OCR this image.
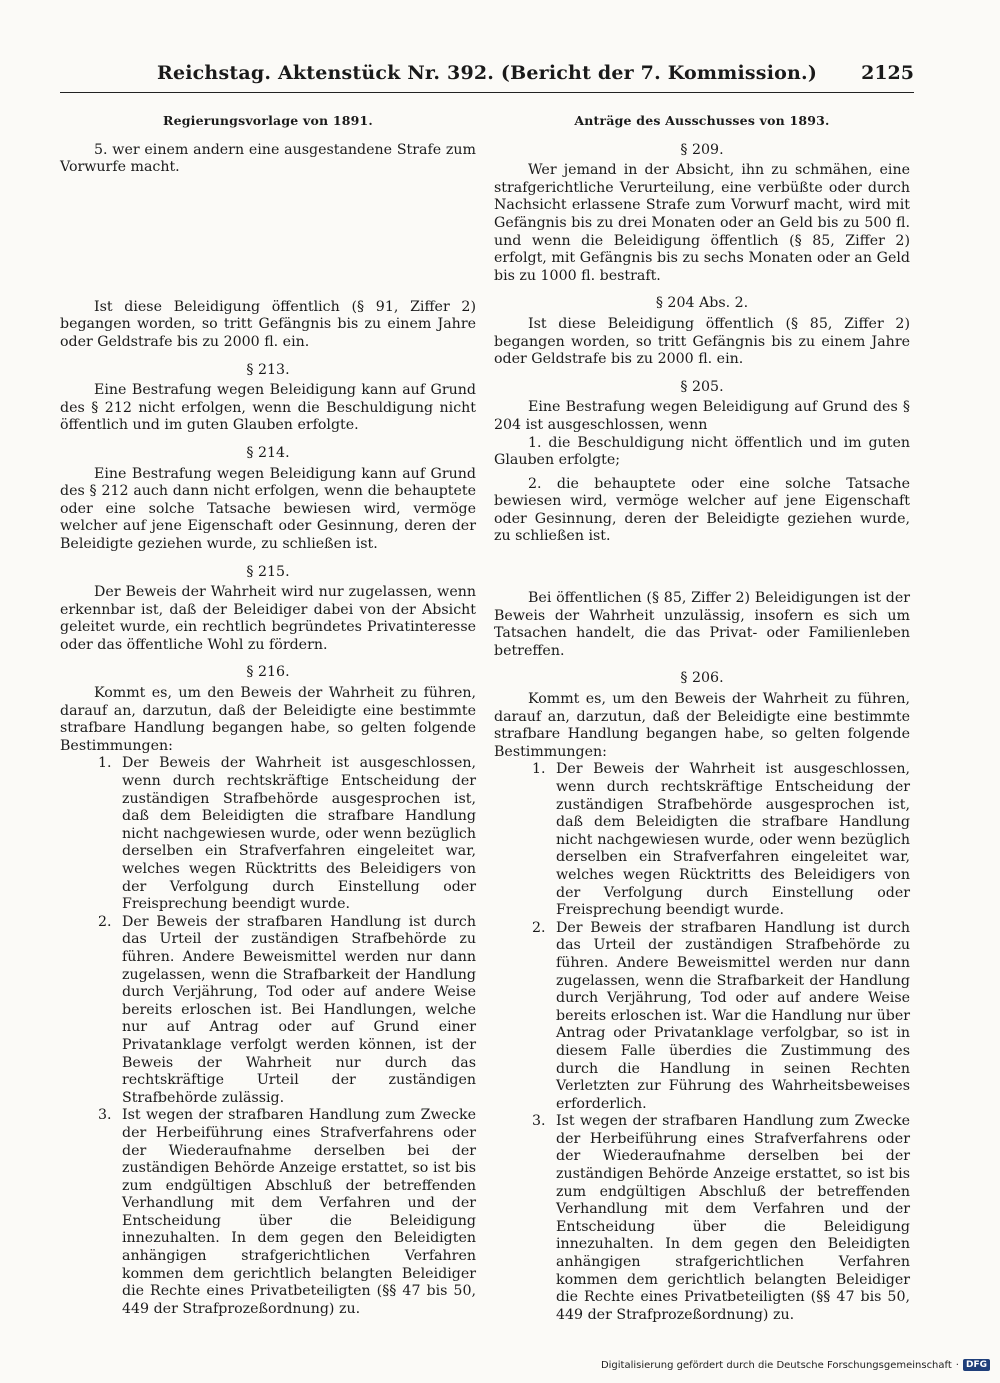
Reichstag. Aktenstück Nr. 392. (Bericht der 7. Kommission.)	2125
Regierungsvorlage von 1891.

5. wer einem andern eine ausgestandene Strafe zum Vorwurfe macht.

Ist diese Beleidigung öffentlich (§ 91, Ziffer 2) begangen worden, so tritt Gefängnis bis zu einem Jahre oder Geldstrafe bis zu 2000 fl. ein.

§ 213.

Eine Bestrafung wegen Beleidigung kann auf Grund des § 212 nicht erfolgen, wenn die Beschuldigung nicht öffentlich und im guten Glauben erfolgte.

§ 214.

Eine Bestrafung wegen Beleidigung kann auf Grund des § 212 auch dann nicht erfolgen, wenn die behauptete oder eine solche Tatsache bewiesen wird, vermöge welcher auf jene Eigenschaft oder Gesinnung, deren der Beleidigte geziehen wurde, zu schließen ist.

§ 215.

Der Beweis der Wahrheit wird nur zugelassen, wenn erkennbar ist, daß der Beleidiger dabei von der Absicht geleitet wurde, ein rechtlich begründetes Privatinteresse oder das öffentliche Wohl zu fördern.

§ 216.

Kommt es, um den Beweis der Wahrheit zu führen, darauf an, darzutun, daß der Beleidigte eine bestimmte strafbare Handlung begangen habe, so gelten folgende Bestimmungen:

1. Der Beweis der Wahrheit ist ausgeschlossen, wenn durch rechtskräftige Entscheidung der zuständigen Strafbehörde ausgesprochen ist, daß dem Beleidigten die strafbare Handlung nicht nachgewiesen wurde, oder wenn bezüglich derselben ein Strafverfahren eingeleitet war, welches wegen Rücktritts des Beleidigers von der Verfolgung durch Einstellung oder Freisprechung beendigt wurde.
2. Der Beweis der strafbaren Handlung ist durch das Urteil der zuständigen Strafbehörde zu führen. Andere Beweismittel werden nur dann zugelassen, wenn die Strafbarkeit der Handlung durch Verjährung, Tod oder auf andere Weise bereits erloschen ist. Bei Handlungen, welche nur auf Antrag oder auf Grund einer Privatanklage verfolgt werden können, ist der Beweis der Wahrheit nur durch das rechtskräftige Urteil der zuständigen Strafbehörde zulässig.
3. Ist wegen der strafbaren Handlung zum Zwecke der Herbeiführung eines Strafverfahrens oder der Wiederaufnahme derselben bei der zuständigen Behörde Anzeige erstattet, so ist bis zum endgültigen Abschluß der betreffenden Verhandlung mit dem Verfahren und der Entscheidung über die Beleidigung innezuhalten. In dem gegen den Beleidigten anhängigen strafgerichtlichen Verfahren kommen dem gerichtlich belangten Beleidiger die Rechte eines Privatbeteiligten (§§ 47 bis 50, 449 der Strafprozeßordnung) zu.
Anträge des Ausschusses von 1893.
§ 209.

Wer jemand in der Absicht, ihn zu schmähen, eine strafgerichtliche Verurteilung, eine verbüßte oder durch Nachsicht erlassene Strafe zum Vorwurf macht, wird mit Gefängnis bis zu drei Monaten oder an Geld bis zu 500 fl. und wenn die Beleidigung öffentlich (§ 85, Ziffer 2) erfolgt, mit Gefängnis bis zu sechs Monaten oder an Geld bis zu 1000 fl. bestraft.

§ 204 Abs. 2.

Ist diese Beleidigung öffentlich (§ 85, Ziffer 2) begangen worden, so tritt Gefängnis bis zu einem Jahre oder Geldstrafe bis zu 2000 fl. ein.

§ 205.

Eine Bestrafung wegen Beleidigung auf Grund des § 204 ist ausgeschlossen, wenn

1. die Beschuldigung nicht öffentlich und im guten Glauben erfolgte;

2. die behauptete oder eine solche Tatsache bewiesen wird, vermöge welcher auf jene Eigenschaft oder Gesinnung, deren der Beleidigte geziehen wurde, zu schließen ist.

Bei öffentlichen (§ 85, Ziffer 2) Beleidigungen ist der Beweis der Wahrheit unzulässig, insofern es sich um Tatsachen handelt, die das Privat- oder Familienleben betreffen.

§ 206.

Kommt es, um den Beweis der Wahrheit zu führen, darauf an, darzutun, daß der Beleidigte eine bestimmte strafbare Handlung begangen habe, so gelten folgende Bestimmungen:

1. Der Beweis der Wahrheit ist ausgeschlossen, wenn durch rechtskräftige Entscheidung der zuständigen Strafbehörde ausgesprochen ist, daß dem Beleidigten die strafbare Handlung nicht nachgewiesen wurde, oder wenn bezüglich derselben ein Strafverfahren eingeleitet war, welches wegen Rücktritts des Beleidigers von der Verfolgung durch Einstellung oder Freisprechung beendigt wurde.
2. Der Beweis der strafbaren Handlung ist durch das Urteil der zuständigen Strafbehörde zu führen. Andere Beweismittel werden nur dann zugelassen, wenn die Strafbarkeit der Handlung durch Verjährung, Tod oder auf andere Weise bereits erloschen ist. War die Handlung nur über Antrag oder Privatanklage verfolgbar, so ist in diesem Falle überdies die Zustimmung des durch die Handlung in seinen Rechten Verletzten zur Führung des Wahrheitsbeweises erforderlich.
3. Ist wegen der strafbaren Handlung zum Zwecke der Herbeiführung eines Strafverfahrens oder der Wiederaufnahme derselben bei der zuständigen Behörde Anzeige erstattet, so ist bis zum endgültigen Abschluß der betreffenden Verhandlung mit dem Verfahren und der Entscheidung über die Beleidigung innezuhalten. In dem gegen den Beleidigten anhängigen strafgerichtlichen Verfahren kommen dem gerichtlich belangten Beleidiger die Rechte eines Privatbeteiligten (§§ 47 bis 50, 449 der Strafprozeßordnung) zu.
Digitalisierung gefördert durch die Deutsche Forschungsgemeinschaft · DFG
